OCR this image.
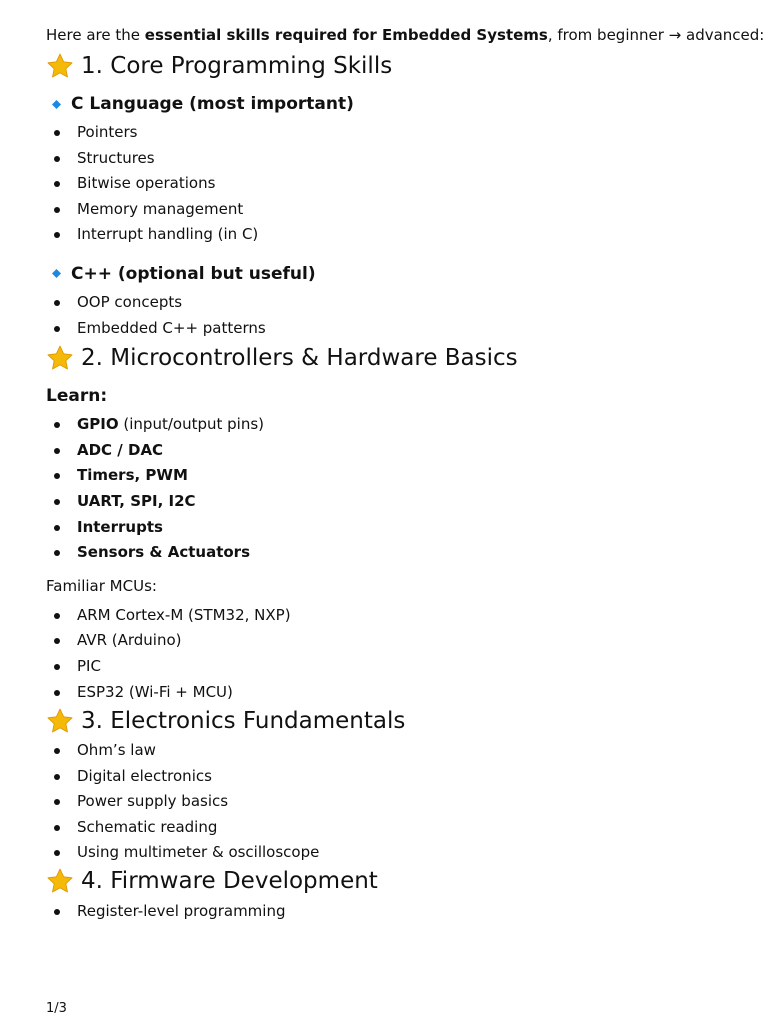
Here are the essential skills required for Embedded Systems, from beginner → advanced:

1. Core Programming Skills
C Language (most important)
Pointers
Structures
Bitwise operations
Memory management
Interrupt handling (in C)
C++ (optional but useful)
OOP concepts
Embedded C++ patterns
2. Microcontrollers & Hardware Basics

Learn:

GPIO (input/output pins)
ADC / DAC
Timers, PWM
UART, SPI, I2C
Interrupts
Sensors & Actuators

Familiar MCUs:

ARM Cortex-M (STM32, NXP)
AVR (Arduino)
PIC
ESP32 (Wi-Fi + MCU)
3. Electronics Fundamentals
Ohm’s law
Digital electronics
Power supply basics
Schematic reading
Using multimeter & oscilloscope
4. Firmware Development
Register-level programming
1/3
